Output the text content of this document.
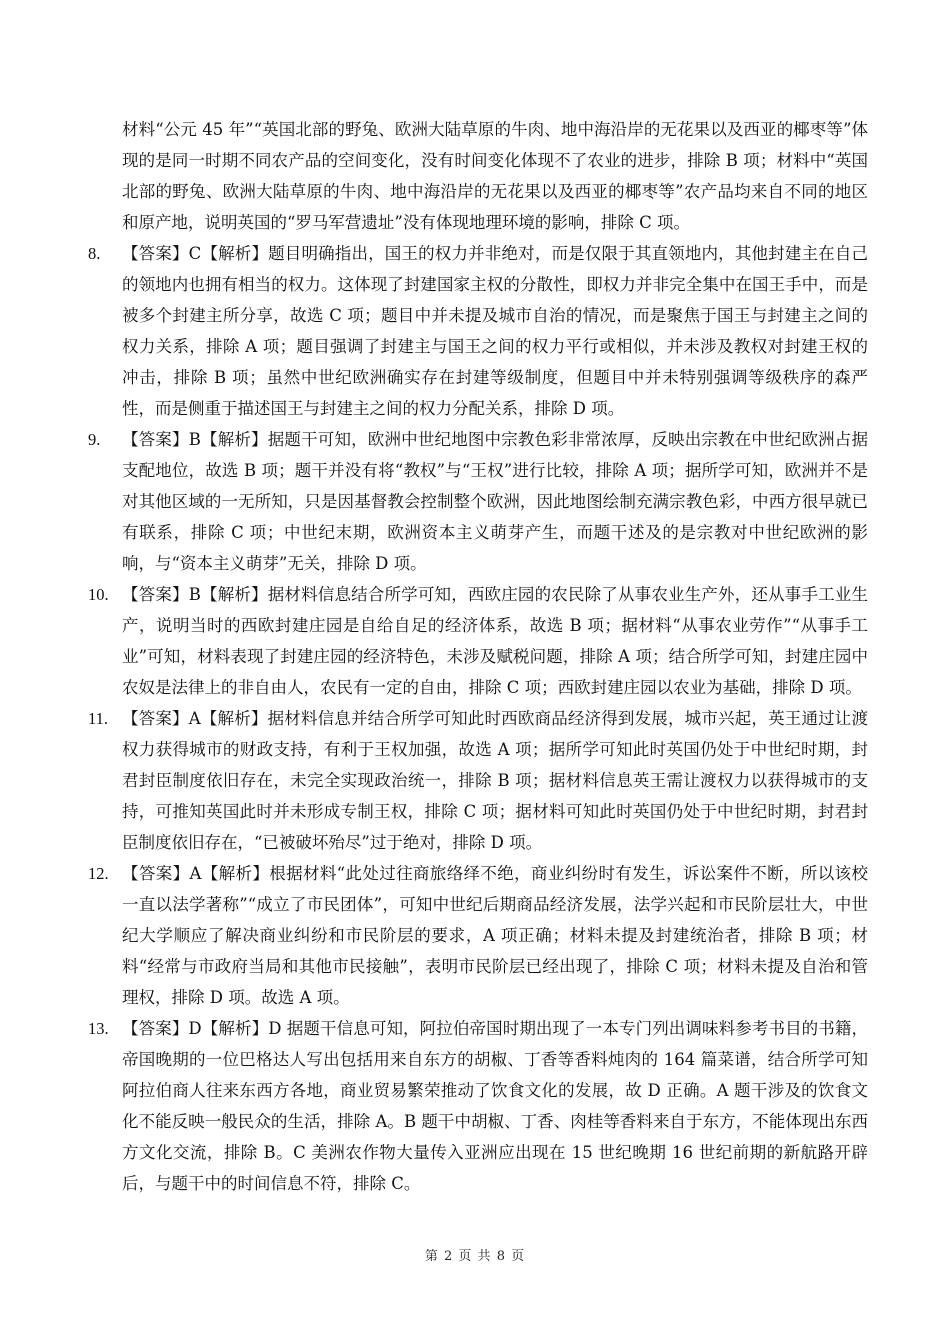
材料“公元 45 年”“英国北部的野兔、欧洲大陆草原的牛肉、地中海沿岸的无花果以及西亚的椰枣等”体现的是同一时期不同农产品的空间变化，没有时间变化体现不了农业的进步，排除 B 项；材料中“英国北部的野兔、欧洲大陆草原的牛肉、地中海沿岸的无花果以及西亚的椰枣等”农产品均来自不同的地区和原产地，说明英国的“罗马军营遗址”没有体现地理环境的影响，排除 C 项。
8.	【答案】C【解析】题目明确指出，国王的权力并非绝对，而是仅限于其直领地内，其他封建主在自己的领地内也拥有相当的权力。这体现了封建国家主权的分散性，即权力并非完全集中在国王手中，而是被多个封建主所分享，故选 C 项；题目中并未提及城市自治的情况，而是聚焦于国王与封建主之间的权力关系，排除 A 项；题目强调了封建主与国王之间的权力平行或相似，并未涉及教权对封建王权的冲击，排除 B 项；虽然中世纪欧洲确实存在封建等级制度，但题目中并未特别强调等级秩序的森严性，而是侧重于描述国王与封建主之间的权力分配关系，排除 D 项。
9.	【答案】B【解析】据题干可知，欧洲中世纪地图中宗教色彩非常浓厚，反映出宗教在中世纪欧洲占据支配地位，故选 B 项；题干并没有将“教权”与“王权”进行比较，排除 A 项；据所学可知，欧洲并不是对其他区域的一无所知，只是因基督教会控制整个欧洲，因此地图绘制充满宗教色彩，中西方很早就已有联系，排除 C 项；中世纪末期，欧洲资本主义萌芽产生，而题干述及的是宗教对中世纪欧洲的影响，与“资本主义萌芽”无关，排除 D 项。
10. 【答案】B【解析】据材料信息结合所学可知，西欧庄园的农民除了从事农业生产外，还从事手工业生产，说明当时的西欧封建庄园是自给自足的经济体系，故选 B 项；据材料“从事农业劳作”“从事手工业”可知，材料表现了封建庄园的经济特色，未涉及赋税问题，排除 A 项；结合所学可知，封建庄园中农奴是法律上的非自由人，农民有一定的自由，排除 C 项；西欧封建庄园以农业为基础，排除 D 项。
11. 【答案】A【解析】据材料信息并结合所学可知此时西欧商品经济得到发展，城市兴起，英王通过让渡权力获得城市的财政支持，有利于王权加强，故选 A 项；据所学可知此时英国仍处于中世纪时期，封君封臣制度依旧存在，未完全实现政治统一，排除 B 项；据材料信息英王需让渡权力以获得城市的支持，可推知英国此时并未形成专制王权，排除 C 项；据材料可知此时英国仍处于中世纪时期，封君封臣制度依旧存在，“已被破坏殆尽”过于绝对，排除 D 项。
12. 【答案】A【解析】根据材料“此处过往商旅络绎不绝，商业纠纷时有发生，诉讼案件不断，所以该校一直以法学著称”“成立了市民团体”，可知中世纪后期商品经济发展，法学兴起和市民阶层壮大，中世纪大学顺应了解决商业纠纷和市民阶层的要求，A 项正确；材料未提及封建统治者，排除 B 项；材料“经常与市政府当局和其他市民接触”，表明市民阶层已经出现了，排除 C 项；材料未提及自治和管理权，排除 D 项。故选 A 项。
13. 【答案】D【解析】D 据题干信息可知，阿拉伯帝国时期出现了一本专门列出调味料参考书目的书籍，帝国晚期的一位巴格达人写出包括用来自东方的胡椒、丁香等香料炖肉的 164 篇菜谱，结合所学可知阿拉伯商人往来东西方各地，商业贸易繁荣推动了饮食文化的发展，故 D 正确。A 题干涉及的饮食文化不能反映一般民众的生活，排除 A。B 题干中胡椒、丁香、肉桂等香料来自于东方，不能体现出东西方文化交流，排除 B。C 美洲农作物大量传入亚洲应出现在 15 世纪晚期 16 世纪前期的新航路开辟后，与题干中的时间信息不符，排除 C。
第 2 页 共 8 页
